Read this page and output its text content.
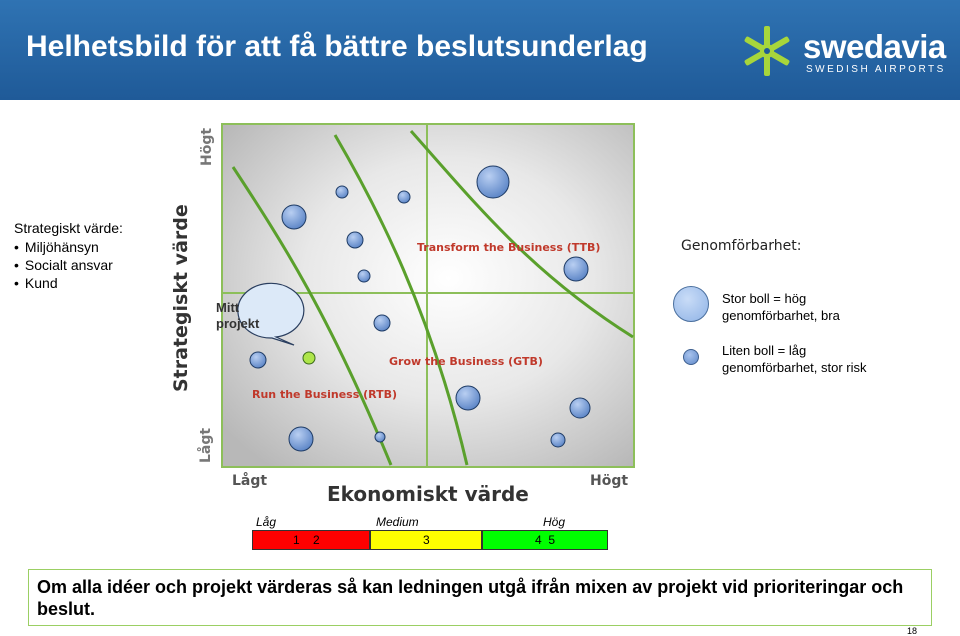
Helhetsbild för att få bättre beslutsunderlag	swedavia
SWEDISH AIRPORTS
Strategiskt värde:
• Miljöhänsyn
• Socialt ansvar
• Kund	Strategiskt värde
Högt
Lågt
Transform the Business (TTB)
Grow the Business (GTB)
Run the Business (RTB)
Mitt
projekt
Lågt	Högt
Ekonomiskt värde
Låg	Medium	Hög
1    2	3	4  5
Genomförbarhet:
Stor boll = hög
genomförbarhet, bra
Liten boll = låg
genomförbarhet, stor risk
Om alla idéer och projekt värderas så kan ledningen utgå ifrån mixen av projekt vid prioriteringar och beslut.
18
